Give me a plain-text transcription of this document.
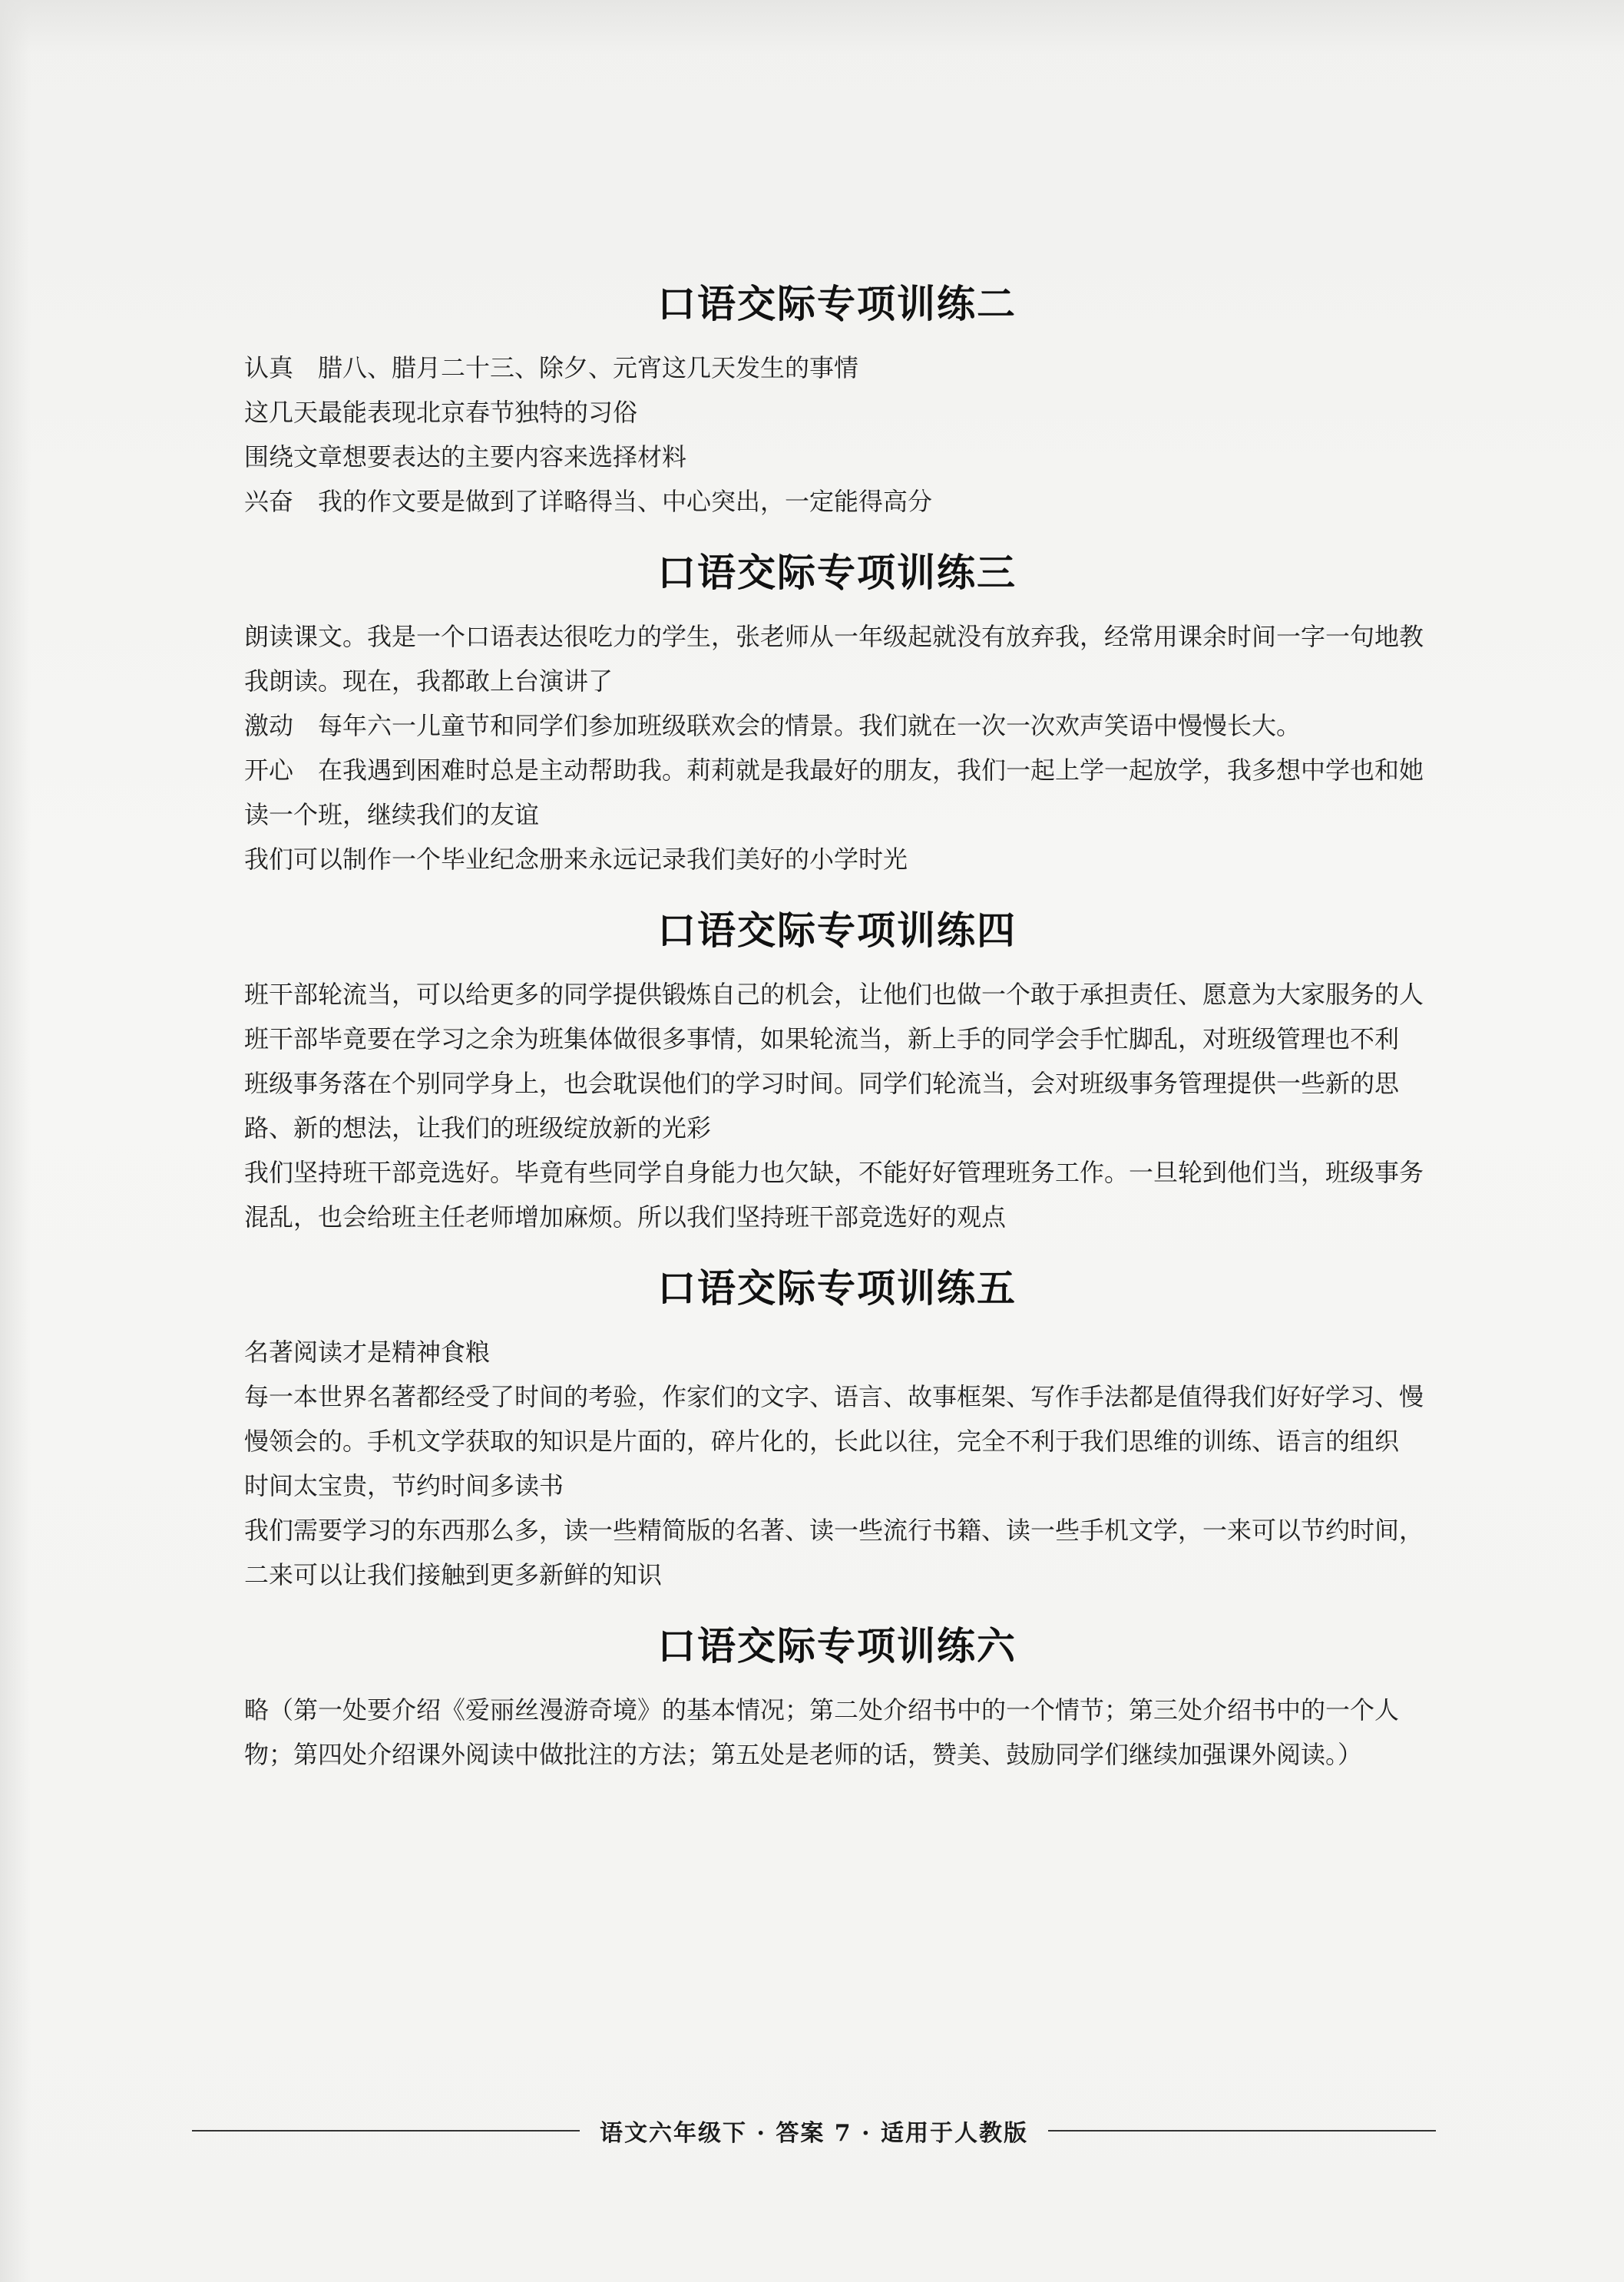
口语交际专项训练二

认真　腊八、腊月二十三、除夕、元宵这几天发生的事情

这几天最能表现北京春节独特的习俗

围绕文章想要表达的主要内容来选择材料

兴奋　我的作文要是做到了详略得当、中心突出，一定能得高分

口语交际专项训练三

朗读课文。我是一个口语表达很吃力的学生，张老师从一年级起就没有放弃我，经常用课余时间一字一句地教我朗读。现在，我都敢上台演讲了

激动　每年六一儿童节和同学们参加班级联欢会的情景。我们就在一次一次欢声笑语中慢慢长大。

开心　在我遇到困难时总是主动帮助我。莉莉就是我最好的朋友，我们一起上学一起放学，我多想中学也和她读一个班，继续我们的友谊

我们可以制作一个毕业纪念册来永远记录我们美好的小学时光

口语交际专项训练四

班干部轮流当，可以给更多的同学提供锻炼自己的机会，让他们也做一个敢于承担责任、愿意为大家服务的人

班干部毕竟要在学习之余为班集体做很多事情，如果轮流当，新上手的同学会手忙脚乱，对班级管理也不利

班级事务落在个别同学身上，也会耽误他们的学习时间。同学们轮流当，会对班级事务管理提供一些新的思路、新的想法，让我们的班级绽放新的光彩

我们坚持班干部竞选好。毕竟有些同学自身能力也欠缺，不能好好管理班务工作。一旦轮到他们当，班级事务混乱，也会给班主任老师增加麻烦。所以我们坚持班干部竞选好的观点

口语交际专项训练五

名著阅读才是精神食粮

每一本世界名著都经受了时间的考验，作家们的文字、语言、故事框架、写作手法都是值得我们好好学习、慢慢领会的。手机文学获取的知识是片面的，碎片化的，长此以往，完全不利于我们思维的训练、语言的组织

时间太宝贵，节约时间多读书

我们需要学习的东西那么多，读一些精简版的名著、读一些流行书籍、读一些手机文学，一来可以节约时间，二来可以让我们接触到更多新鲜的知识

口语交际专项训练六

略（第一处要介绍《爱丽丝漫游奇境》的基本情况；第二处介绍书中的一个情节；第三处介绍书中的一个人物；第四处介绍课外阅读中做批注的方法；第五处是老师的话，赞美、鼓励同学们继续加强课外阅读。）

语文六年级下 · 答案 7 · 适用于人教版
